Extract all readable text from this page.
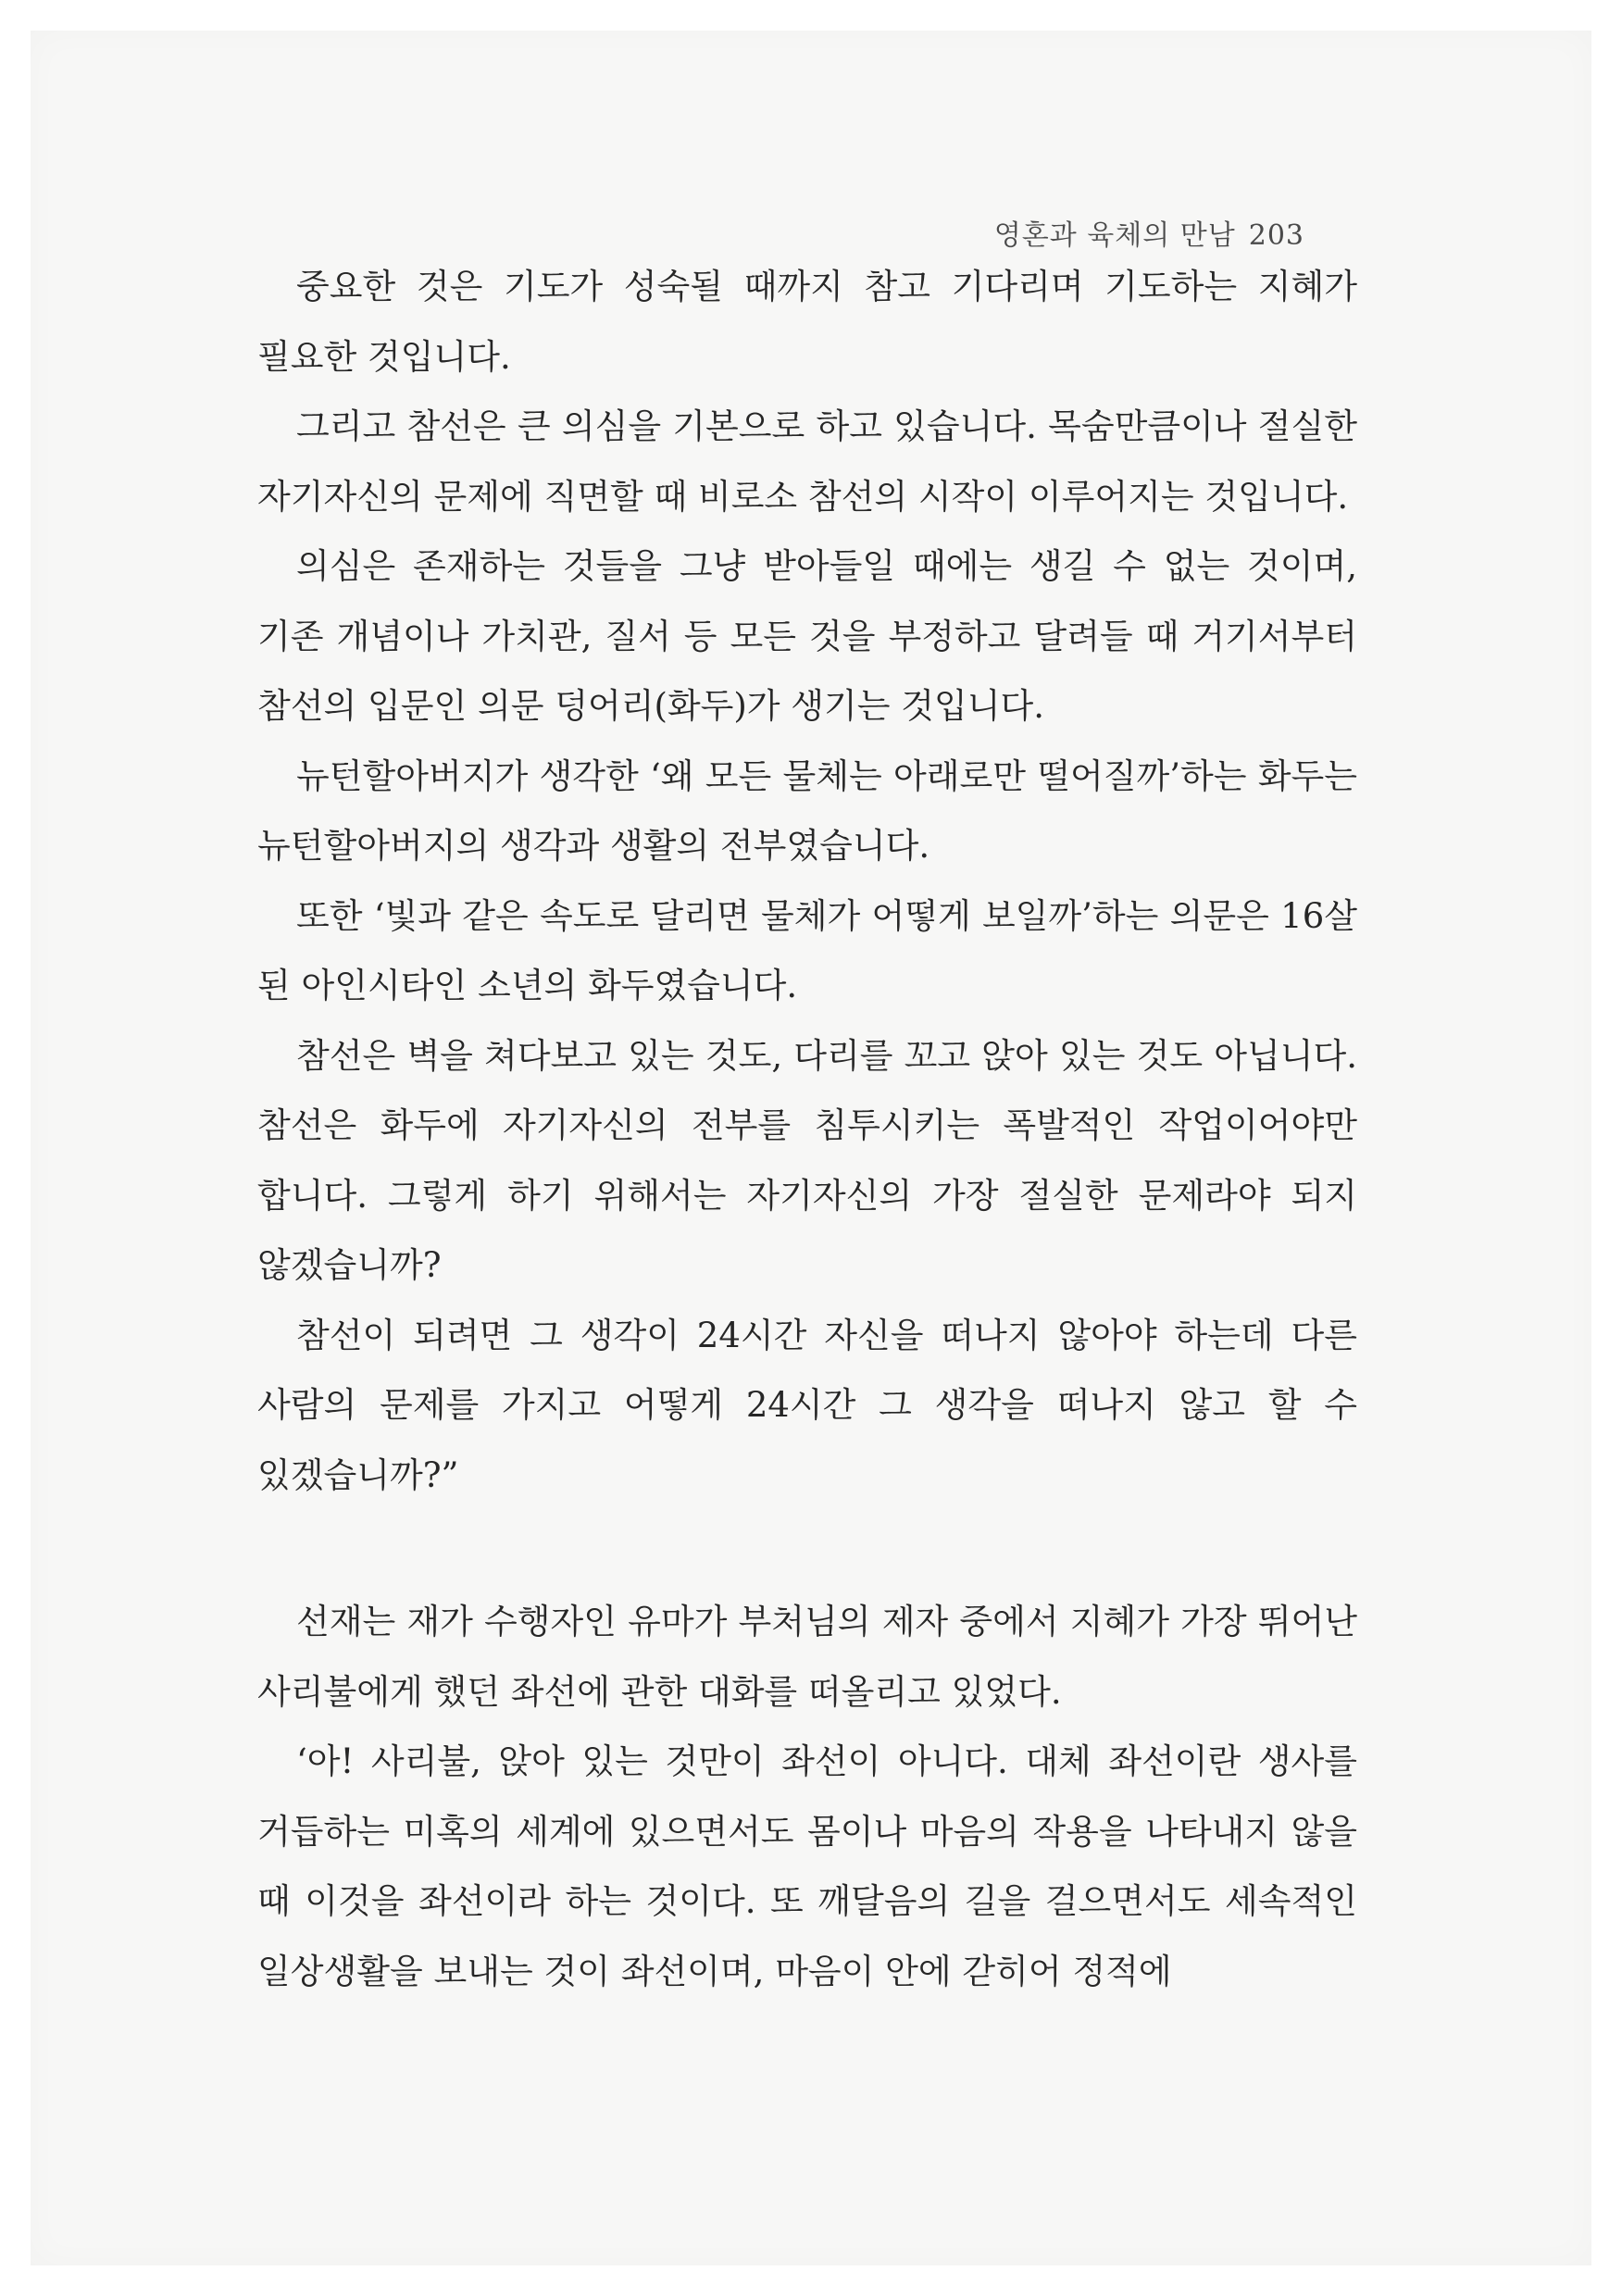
영혼과 육체의 만남 203

중요한 것은 기도가 성숙될 때까지 참고 기다리며 기도하는 지혜가 필요한 것입니다.

그리고 참선은 큰 의심을 기본으로 하고 있습니다. 목숨만큼이나 절실한 자기자신의 문제에 직면할 때 비로소 참선의 시작이 이루어지는 것입니다.

의심은 존재하는 것들을 그냥 받아들일 때에는 생길 수 없는 것이며, 기존 개념이나 가치관, 질서 등 모든 것을 부정하고 달려들 때 거기서부터 참선의 입문인 의문 덩어리(화두)가 생기는 것입니다.

뉴턴할아버지가 생각한 ‘왜 모든 물체는 아래로만 떨어질까’하는 화두는 뉴턴할아버지의 생각과 생활의 전부였습니다.

또한 ‘빛과 같은 속도로 달리면 물체가 어떻게 보일까’하는 의문은 16살 된 아인시타인 소년의 화두였습니다.

참선은 벽을 쳐다보고 있는 것도, 다리를 꼬고 앉아 있는 것도 아닙니다. 참선은 화두에 자기자신의 전부를 침투시키는 폭발적인 작업이어야만 합니다. 그렇게 하기 위해서는 자기자신의 가장 절실한 문제라야 되지 않겠습니까?

참선이 되려면 그 생각이 24시간 자신을 떠나지 않아야 하는데 다른 사람의 문제를 가지고 어떻게 24시간 그 생각을 떠나지 않고 할 수 있겠습니까?”

선재는 재가 수행자인 유마가 부처님의 제자 중에서 지혜가 가장 뛰어난 사리불에게 했던 좌선에 관한 대화를 떠올리고 있었다.

‘아! 사리불, 앉아 있는 것만이 좌선이 아니다. 대체 좌선이란 생사를 거듭하는 미혹의 세계에 있으면서도 몸이나 마음의 작용을 나타내지 않을 때 이것을 좌선이라 하는 것이다. 또 깨달음의 길을 걸으면서도 세속적인 일상생활을 보내는 것이 좌선이며, 마음이 안에 갇히어 정적에
